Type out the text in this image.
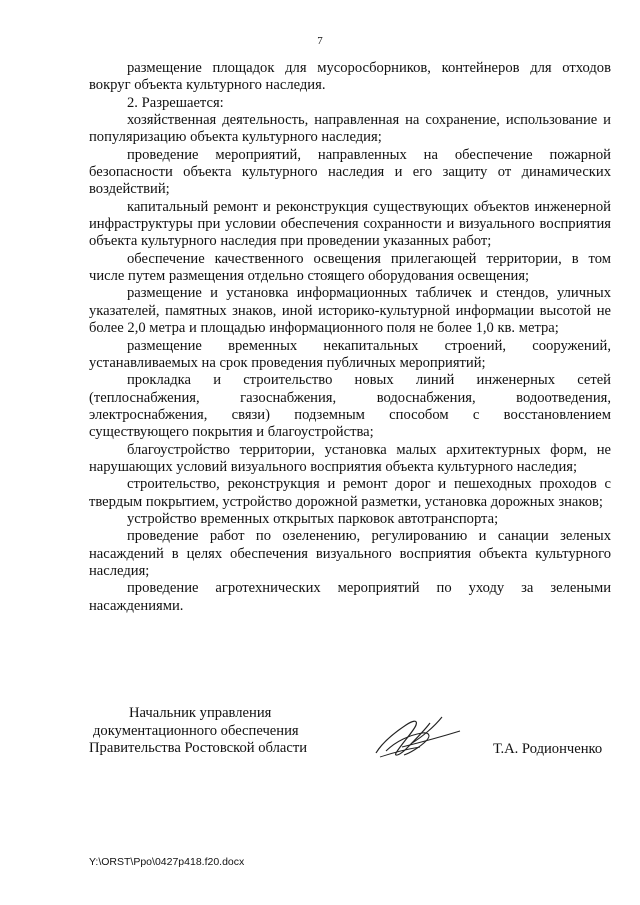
7

размещение площадок для мусоросборников, контейнеров для отходов вокруг объекта культурного наследия.

2. Разрешается:

хозяйственная деятельность, направленная на сохранение, использование и популяризацию объекта культурного наследия;

проведение мероприятий, направленных на обеспечение пожарной безопасности объекта культурного наследия и его защиту от динамических воздействий;

капитальный ремонт и реконструкция существующих объектов инженерной инфраструктуры при условии обеспечения сохранности и визуального восприятия объекта культурного наследия при проведении указанных работ;

обеспечение качественного освещения прилегающей территории, в том числе путем размещения отдельно стоящего оборудования освещения;

размещение и установка информационных табличек и стендов, уличных указателей, памятных знаков, иной историко-культурной информации высотой не более 2,0 метра и площадью информационного поля не более 1,0 кв. метра;

размещение временных некапитальных строений, сооружений, устанавливаемых на срок проведения публичных мероприятий;

прокладка и строительство новых линий инженерных сетей (теплоснабжения, газоснабжения, водоснабжения, водоотведения, электроснабжения, связи) подземным способом с восстановлением существующего покрытия и благоустройства;

благоустройство территории, установка малых архитектурных форм, не нарушающих условий визуального восприятия объекта культурного наследия;

строительство, реконструкция и ремонт дорог и пешеходных проходов с твердым покрытием, устройство дорожной разметки, установка дорожных знаков;

устройство временных открытых парковок автотранспорта;

проведение работ по озеленению, регулированию и санации зеленых насаждений в целях обеспечения визуального восприятия объекта культурного наследия;

проведение агротехнических мероприятий по уходу за зелеными насаждениями.

Начальник управления
документационного обеспечения
Правительства Ростовской области	Т.А. Родионченко
Y:\ORST\Ppo\0427p418.f20.docx
